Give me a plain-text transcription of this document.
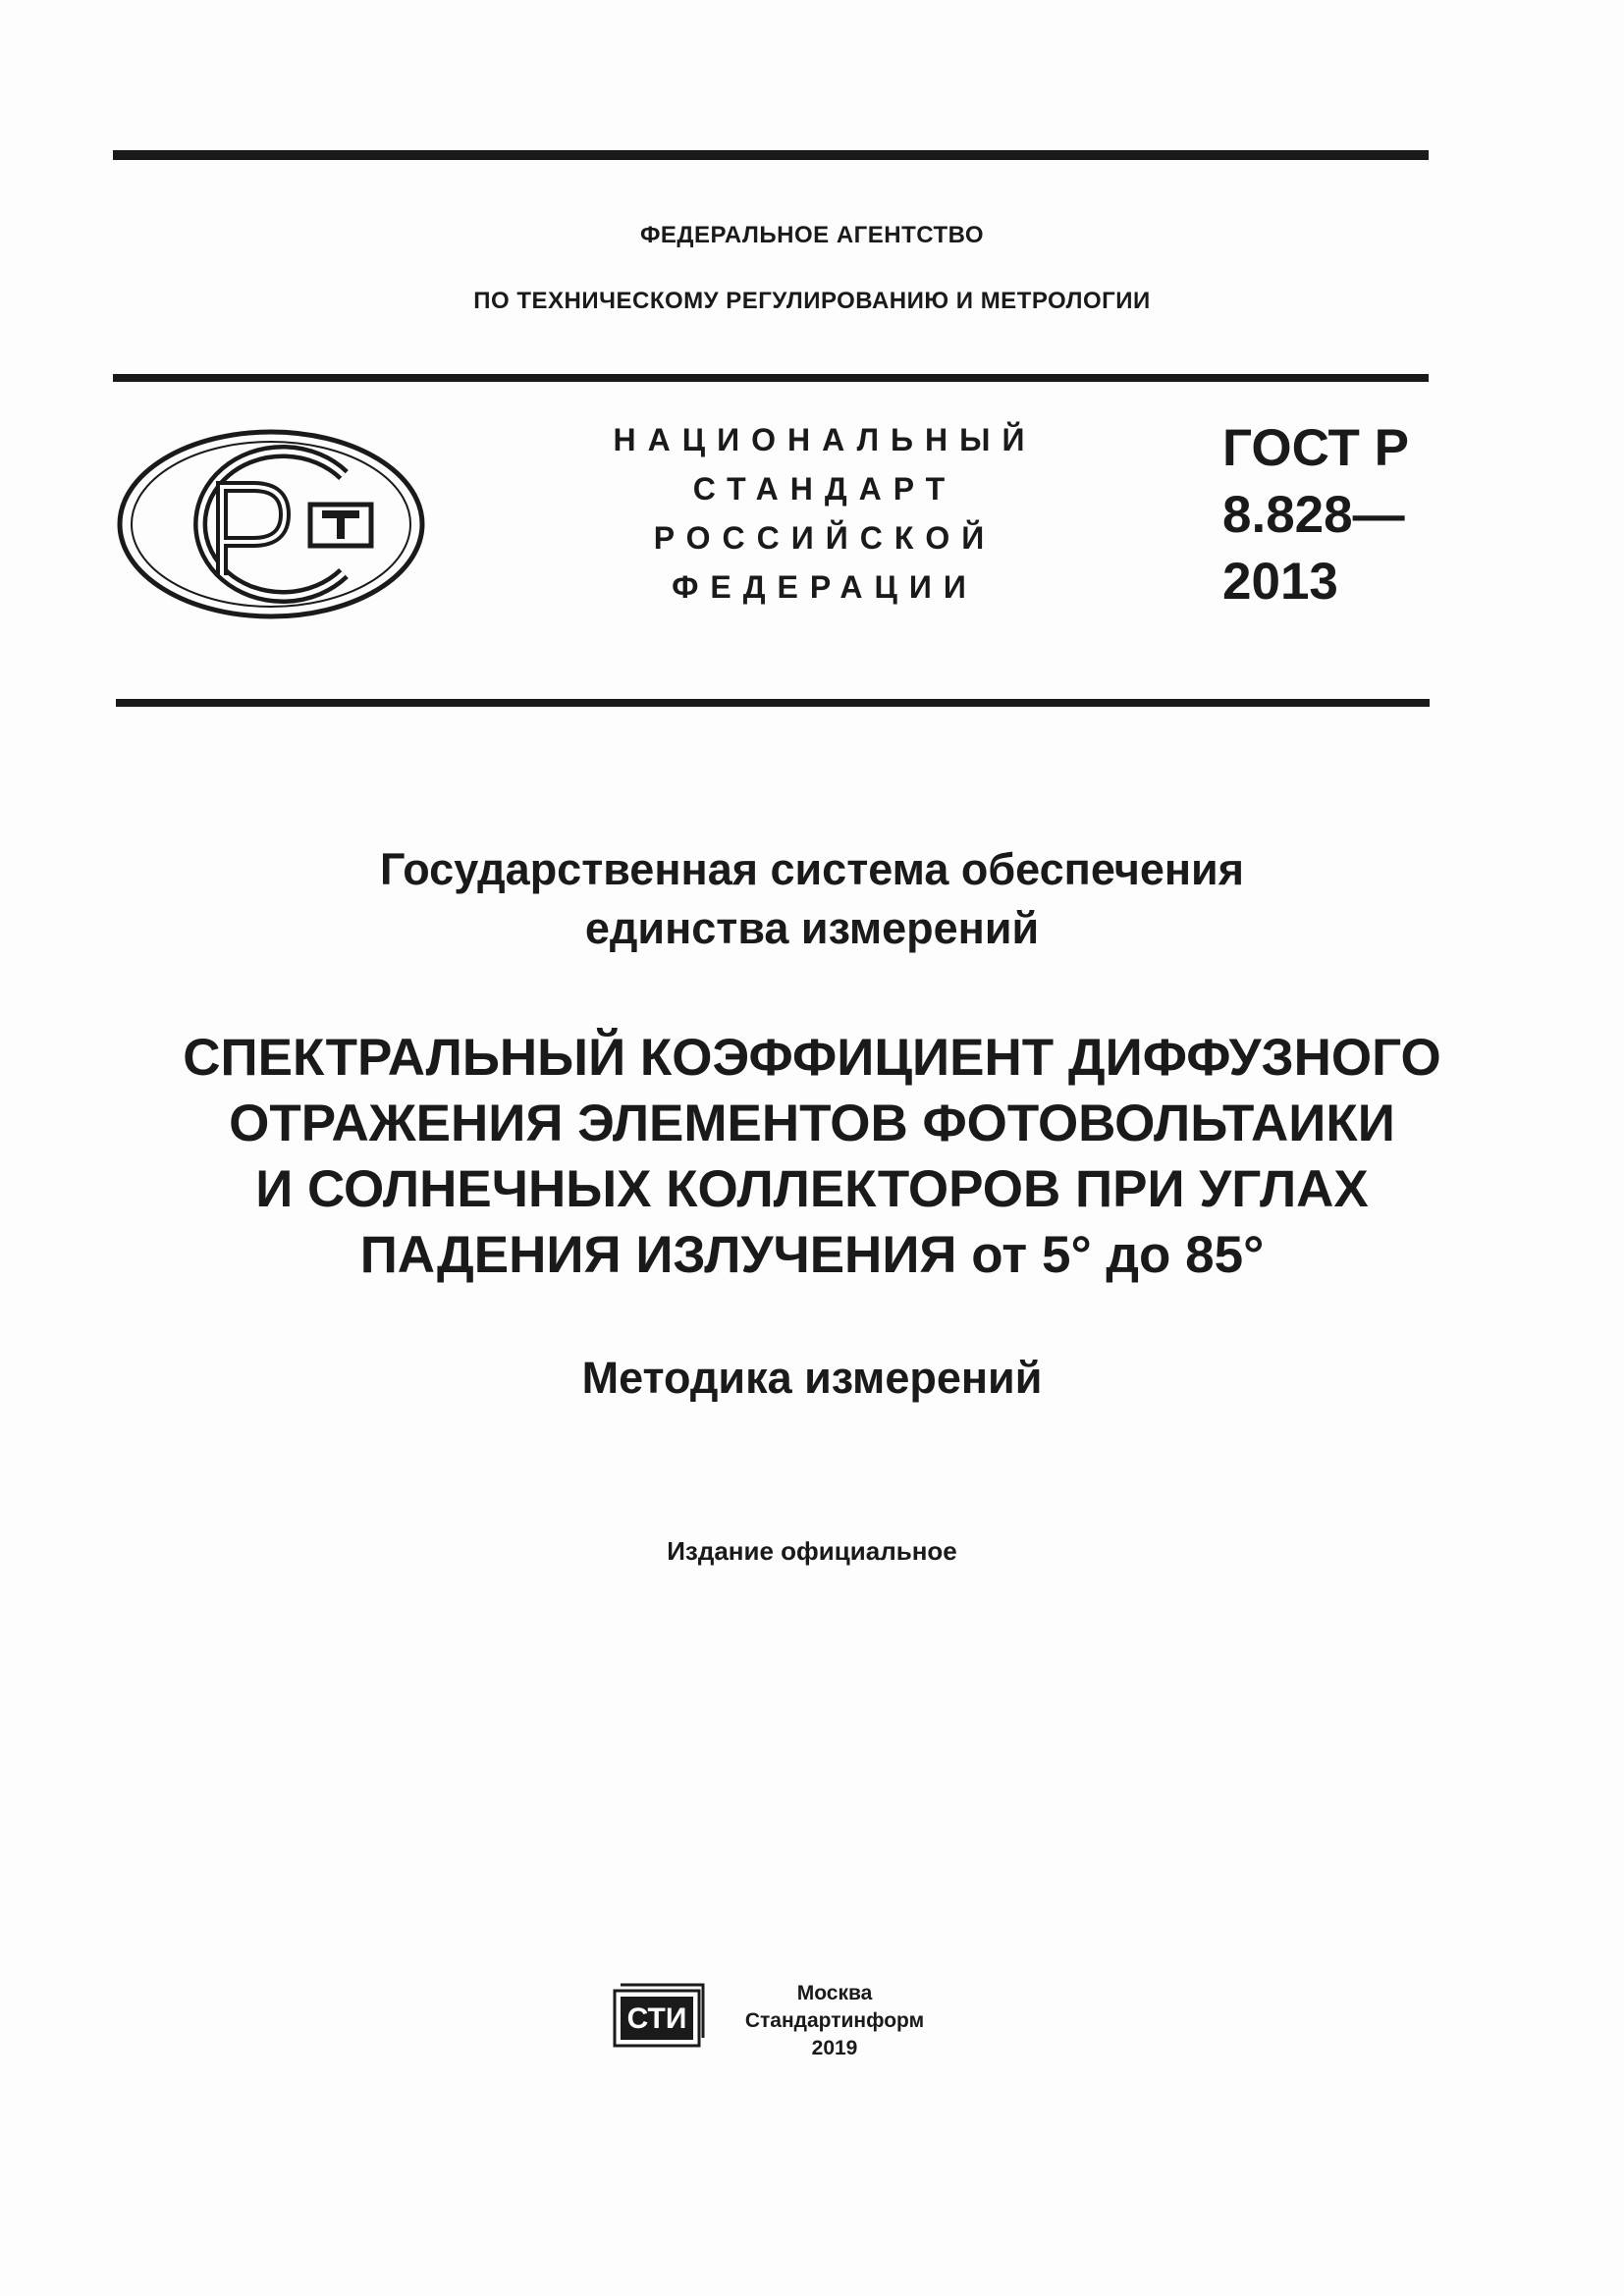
ФЕДЕРАЛЬНОЕ АГЕНТСТВО
ПО ТЕХНИЧЕСКОМУ РЕГУЛИРОВАНИЮ И МЕТРОЛОГИИ
НАЦИОНАЛЬНЫЙ
СТАНДАРТ
РОССИЙСКОЙ
ФЕДЕРАЦИИ
ГОСТ Р
8.828—
2013
Государственная система обеспечения
единства измерений
СПЕКТРАЛЬНЫЙ КОЭФФИЦИЕНТ ДИФФУЗНОГО
ОТРАЖЕНИЯ ЭЛЕМЕНТОВ ФОТОВОЛЬТАИКИ
И СОЛНЕЧНЫХ КОЛЛЕКТОРОВ ПРИ УГЛАХ
ПАДЕНИЯ ИЗЛУЧЕНИЯ от 5° до 85°
Методика измерений
Издание официальное
СТИ
Москва
Стандартинформ
2019
